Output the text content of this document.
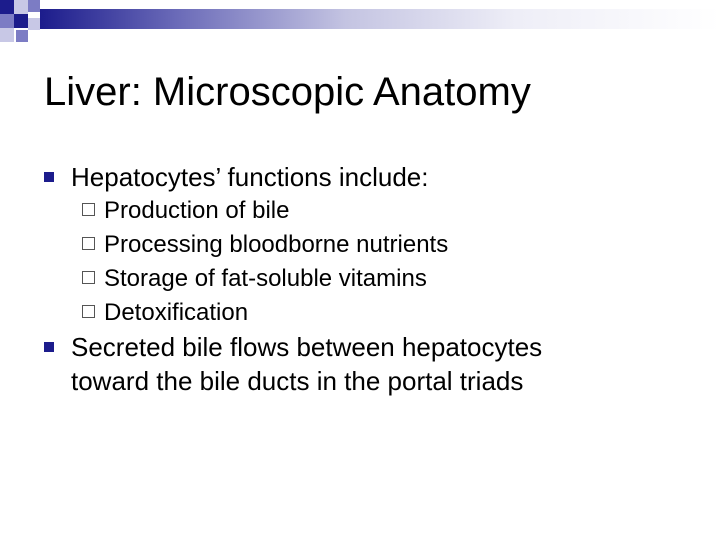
Liver: Microscopic Anatomy
Hepatocytes’ functions include:
Production of bile
Processing bloodborne nutrients
Storage of fat-soluble vitamins
Detoxification
Secreted bile flows between hepatocytes
toward the bile ducts in the portal triads
